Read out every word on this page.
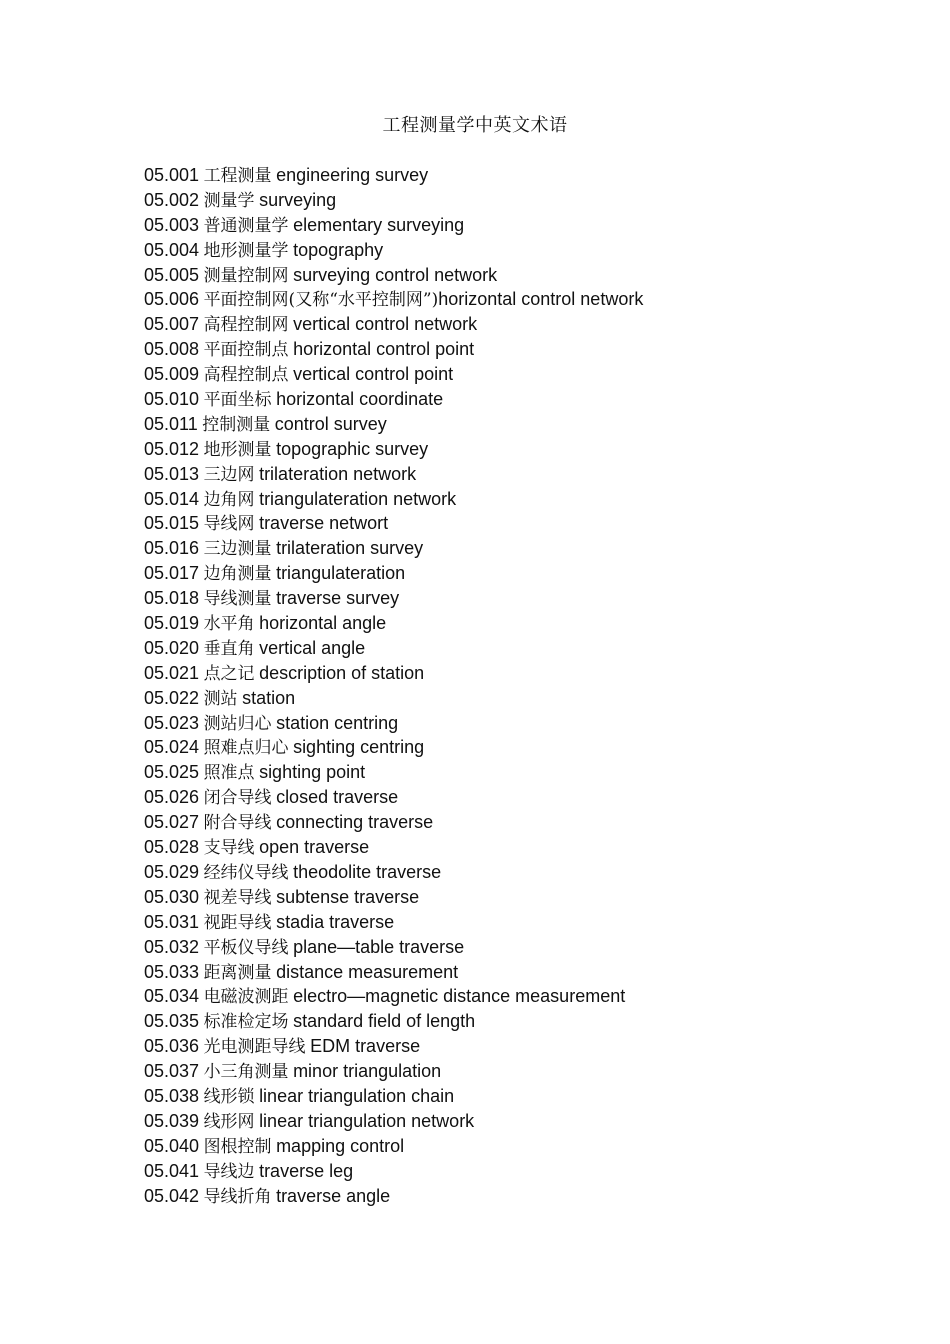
工程测量学中英文术语
05.001 工程测量 engineering survey
05.002 测量学 surveying
05.003 普通测量学 elementary surveying
05.004 地形测量学 topography
05.005 测量控制网 surveying control network
05.006 平面控制网(又称“水平控制网”)horizontal control network
05.007 高程控制网 vertical control network
05.008 平面控制点 horizontal control point
05.009 高程控制点 vertical control point
05.010 平面坐标 horizontal coordinate
05.011 控制测量 control survey
05.012 地形测量 topographic survey
05.013 三边网 trilateration network
05.014 边角网 triangulateration network
05.015 导线网 traverse networt
05.016 三边测量 trilateration survey
05.017 边角测量 triangulateration
05.018 导线测量 traverse survey
05.019 水平角 horizontal angle
05.020 垂直角 vertical angle
05.021 点之记 description of station
05.022 测站 station
05.023 测站归心 station centring
05.024 照难点归心 sighting centring
05.025 照准点 sighting point
05.026 闭合导线 closed traverse
05.027 附合导线 connecting traverse
05.028 支导线 open traverse
05.029 经纬仪导线 theodolite traverse
05.030 视差导线 subtense traverse
05.031 视距导线 stadia traverse
05.032 平板仪导线 plane—table traverse
05.033 距离测量 distance measurement
05.034 电磁波测距 electro—magnetic distance measurement
05.035 标准检定场 standard field of length
05.036 光电测距导线 EDM traverse
05.037 小三角测量 minor triangulation
05.038 线形锁 linear triangulation chain
05.039 线形网 linear triangulation network
05.040 图根控制 mapping control
05.041 导线边 traverse leg
05.042 导线折角 traverse angle
